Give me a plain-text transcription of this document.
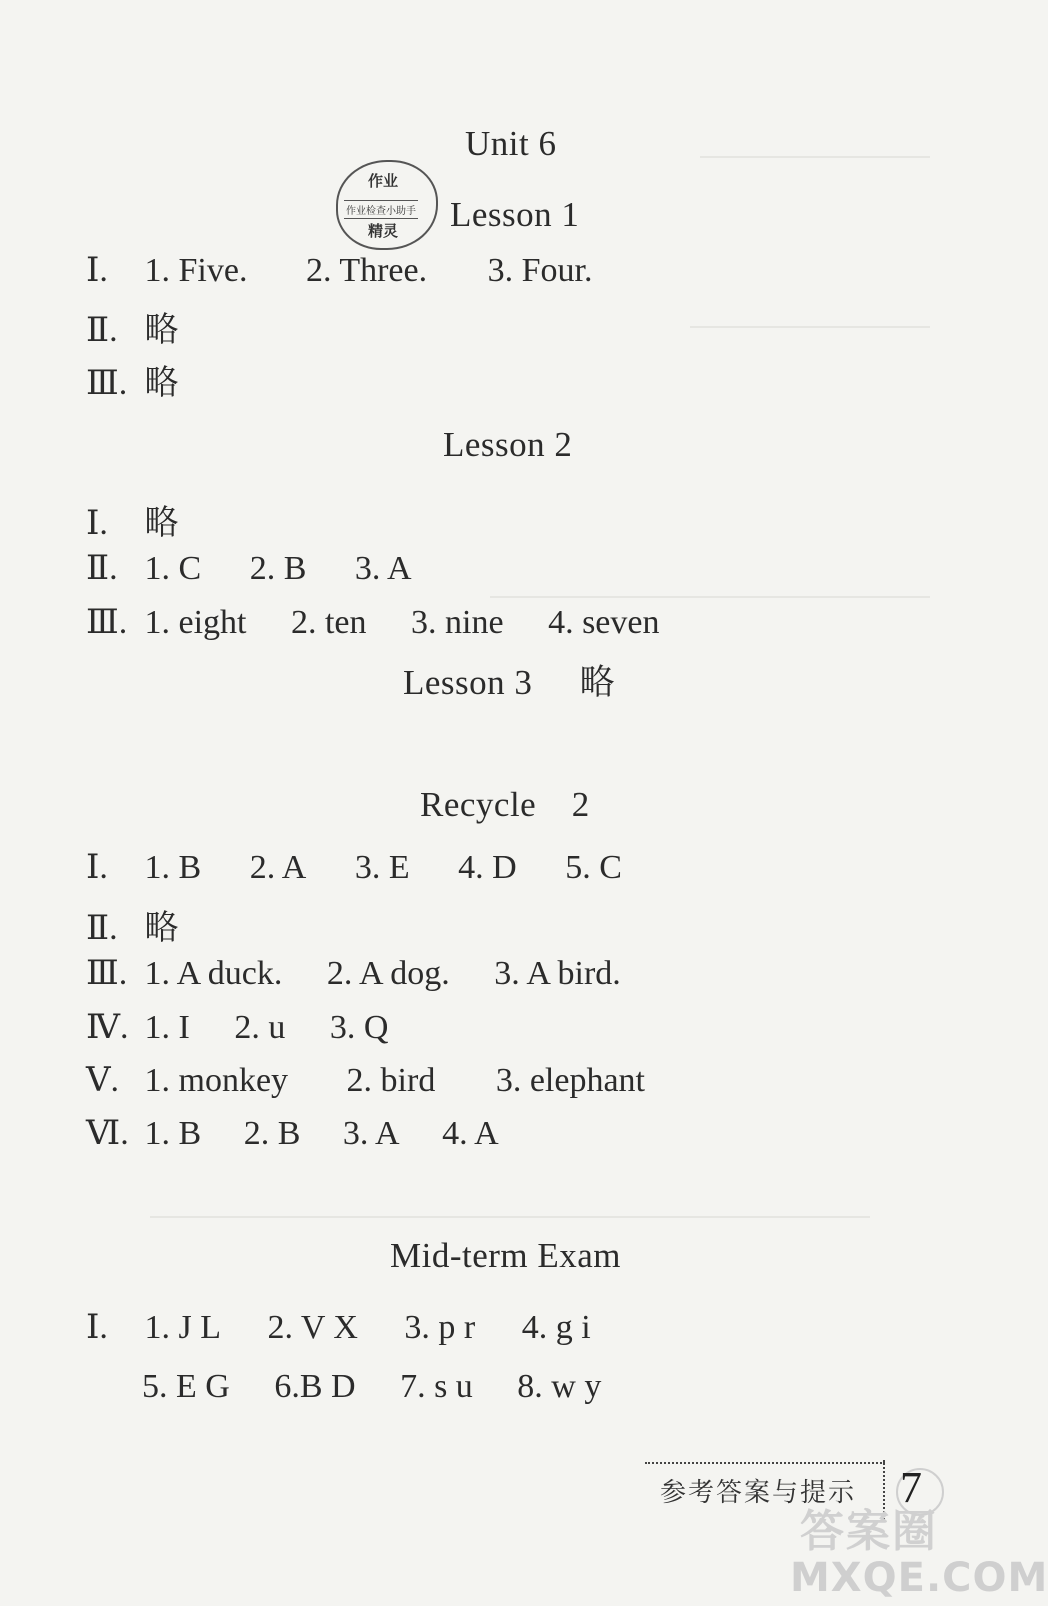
Unit 6
作业
作业检查小助手
精灵 Lesson 1
Ⅰ. 1. Five. 2. Three. 3. Four.
Ⅱ. 略
Ⅲ. 略
Lesson 2
Ⅰ. 略
Ⅱ. 1. C 2. B 3. A
Ⅲ. 1. eight 2. ten 3. nine 4. seven
Lesson 3 略
Recycle　2
Ⅰ. 1. B 2. A 3. E 4. D 5. C
Ⅱ. 略
Ⅲ. 1. A duck. 2. A dog. 3. A bird.
Ⅳ. 1. I 2. u 3. Q
Ⅴ. 1. monkey 2. bird 3. elephant
Ⅵ. 1. B 2. B 3. A 4. A
Mid-term Exam
Ⅰ. 1. J L 2. V X 3. p r 4. g i
5. E G 6.B D 7. s u 8. w y
参考答案与提示 7
答案圈
MXQE.COM
